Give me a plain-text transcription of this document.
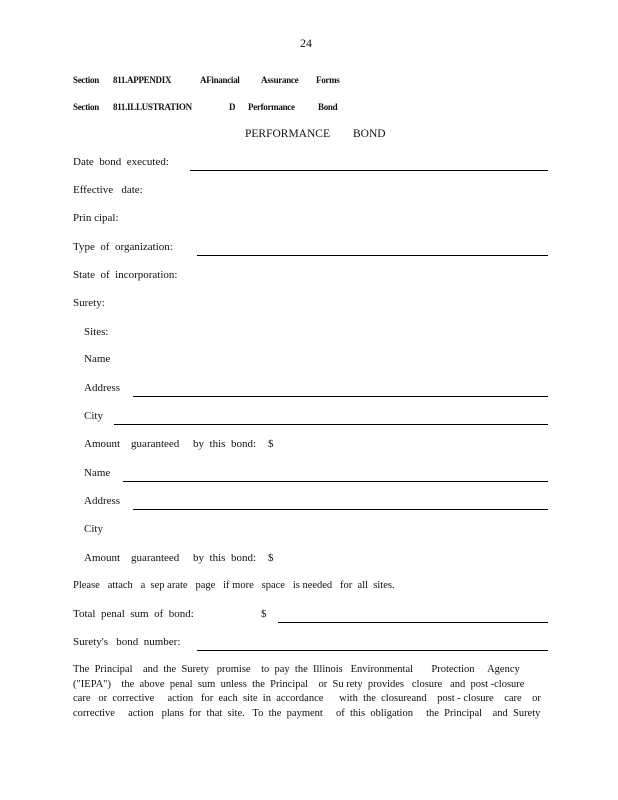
24
Section 811.APPENDIX	AFinancial Assurance Forms
Section 811.ILLUSTRATION	D Performance	Bond
PERFORMANCE        BOND
Date  bond  executed:
Effective   date:
Prin cipal:
Type  of  organization:
State  of  incorporation:
Surety:
Sites:
Name
Address
City
Amount    guaranteed     by  this  bond: $
Name
Address
City
Amount    guaranteed     by  this  bond: $
Please   attach   a  sep arate   page   if more   space   is needed   for  all  sites.
Total  penal  sum  of  bond:	$
Surety's   bond  number:
The  Principal    and  the  Surety   promise    to  pay  the  Illinois   Environmental       Protection     Agency
("IEPA")    the  above  penal  sum  unless  the  Principal    or  Su rety  provides   closure   and  post -closure
care   or  corrective     action   for  each  site  in  accordance      with  the  closureand    post - closure    care    or
corrective     action   plans  for  that  site.   To  the  payment     of  this  obligation     the  Principal    and  Surety
